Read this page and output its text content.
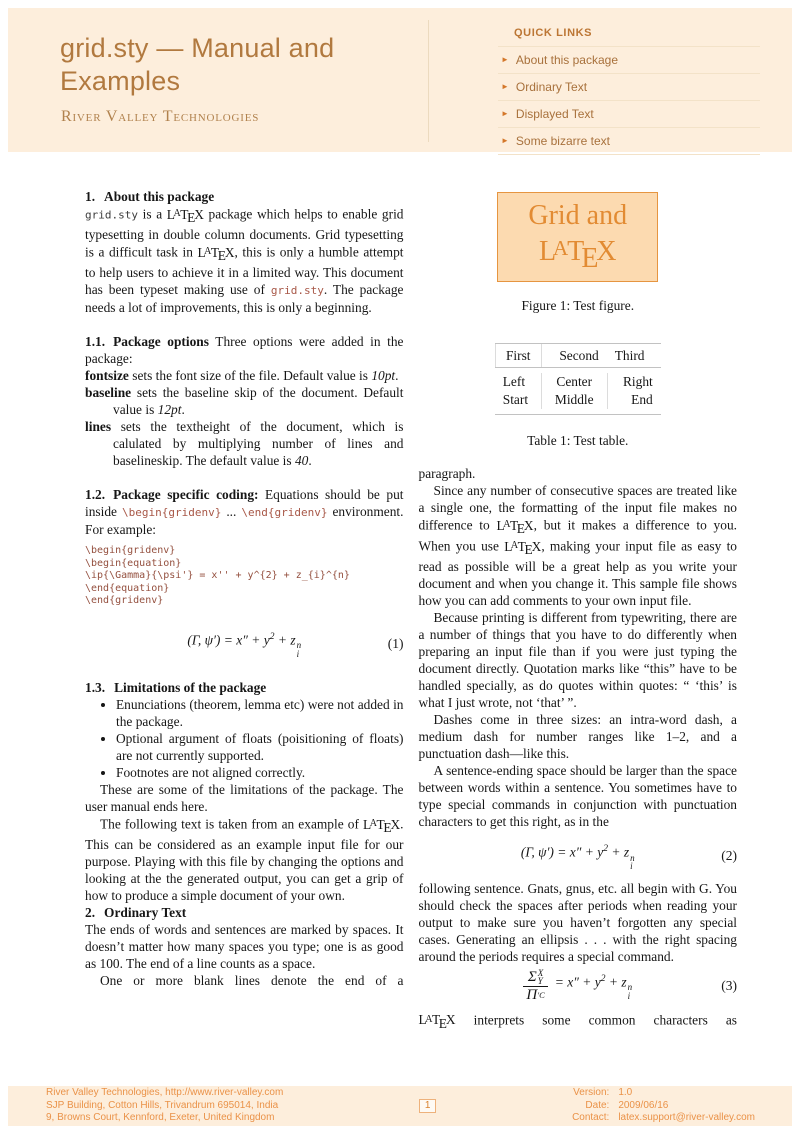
grid.sty — Manual and Examples
River Valley Technologies
QUICK LINKS
► About this package
► Ordinary Text
► Displayed Text
► Some bizarre text
1. About this package

grid.sty is a $L^ATEX$ package which helps to enable grid typesetting in double column documents. Grid typesetting is a difficult task in $L^ATEX$, this is only a humble attempt to help users to achieve it in a limited way. This document has been typeset making use of grid.sty. The package needs a lot of improvements, this is only a beginning.

1.1. Package options Three options were added in the package:

fontsize sets the font size of the file. Default value is 10pt.

baseline sets the baseline skip of the document. Default value is 12pt.

lines sets the textheight of the document, which is calulated by multiplying number of lines and baselineskip. The default value is 40.

1.2. Package specific coding: Equations should be put inside \begin{gridenv} ... \end{gridenv} environment. For example:

\begin{gridenv}
\begin{equation}
\ip{\Gamma}{\psi'} = x'' + y^{2} + z_{i}^{n}
\end{equation}
\end{gridenv}
(Γ, $\psi') = x'' + y^2 + z$ n
i
(1)
1.3. Limitations of the package
• Enunciations (theorem, lemma etc) were not added in the package.
• Optional argument of floats (poisitioning of floats) are not currently supported.
• Footnotes are not aligned correctly.

These are some of the limitations of the package. The user manual ends here.

The following text is taken from an example of $L^ATEX$. This can be considered as an example input file for our purpose. Playing with this file by changing the options and looking at the the generated output, you can get a grip of how to produce a simple document of your own.

2. Ordinary Text

The ends of words and sentences are marked by spaces. It doesn’t matter how many spaces you type; one is as good as 100. The end of a line counts as a space.

One or more blank lines denote the end of a

Grid and
$L^ATEX$
Figure 1: Test figure.
First	Second	Third
Left	Center	Right
Start	Middle	End
Table 1: Test table.

paragraph.

Since any number of consecutive spaces are treated like a single one, the formatting of the input file makes no difference to $L^ATEX$, but it makes a difference to you. When you use $L^ATEX$, making your input file as easy to read as possible will be a great help as you write your document and when you change it. This sample file shows how you can add comments to your own input file.

Because printing is different from typewriting, there are a number of things that you have to do differently when preparing an input file than if you were just typing the document directly. Quotation marks like “this” have to be handled specially, as do quotes within quotes: “ ‘this’ is what I just wrote, not ‘that’ ”.

Dashes come in three sizes: an intra-word dash, a medium dash for number ranges like 1–2, and a punctuation dash—like this.

A sentence-ending space should be larger than the space between words within a sentence. You sometimes have to type special commands in conjunction with punctuation characters to get this right, as in the

(Γ, $\psi') = x'' + y^2 + z$ n
i
(2)

following sentence. Gnats, gnus, etc. all begin with G. You should check the spaces after periods when reading your output to make sure you haven’t forgotten any special cases. Generating an ellipsis . . . with the right spacing around the periods requires a special command.

Σ X
Y
Π ′ C
= $x'' + y^2 + z$ n
i
(3)

$L^ATEX$ interprets some common characters as

River Valley Technologies, http://www.river-valley.com
SJP Building, Cotton Hills, Trivandrum 695014, India
9, Browns Court, Kennford, Exeter, United Kingdom
1
Version: 1.0
Date: 2009/06/16
Contact: latex.support@river-valley.com
